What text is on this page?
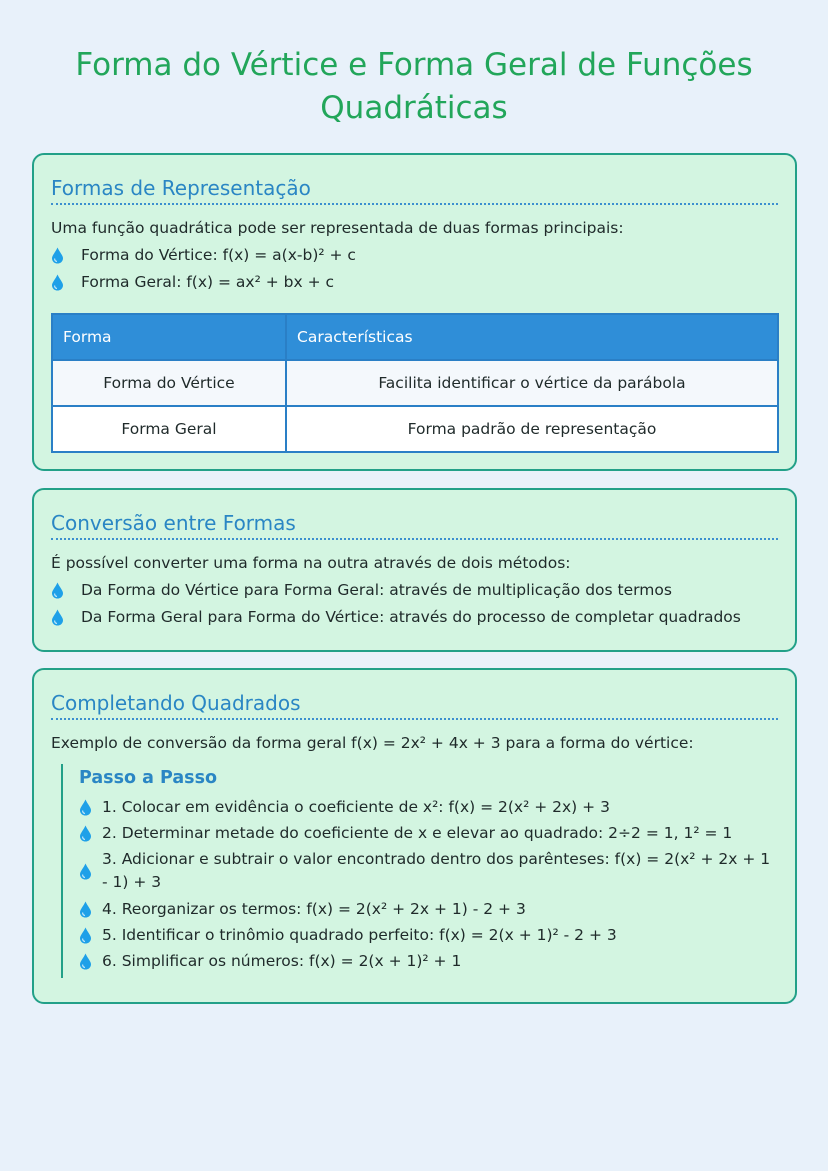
Forma do Vértice e Forma Geral de Funções Quadráticas
Formas de Representação

Uma função quadrática pode ser representada de duas formas principais:

Forma do Vértice: f(x) = a(x-b)² + c
Forma Geral: f(x) = ax² + bx + c
Forma	Características
Forma do Vértice	Facilita identificar o vértice da parábola
Forma Geral	Forma padrão de representação
Conversão entre Formas

É possível converter uma forma na outra através de dois métodos:

Da Forma do Vértice para Forma Geral: através de multiplicação dos termos
Da Forma Geral para Forma do Vértice: através do processo de completar quadrados
Completando Quadrados

Exemplo de conversão da forma geral f(x) = 2x² + 4x + 3 para a forma do vértice:

Passo a Passo
1. Colocar em evidência o coeficiente de x²: f(x) = 2(x² + 2x) + 3
2. Determinar metade do coeficiente de x e elevar ao quadrado: 2÷2 = 1, 1² = 1
3. Adicionar e subtrair o valor encontrado dentro dos parênteses: f(x) = 2(x² + 2x + 1 - 1) + 3
4. Reorganizar os termos: f(x) = 2(x² + 2x + 1) - 2 + 3
5. Identificar o trinômio quadrado perfeito: f(x) = 2(x + 1)² - 2 + 3
6. Simplificar os números: f(x) = 2(x + 1)² + 1
